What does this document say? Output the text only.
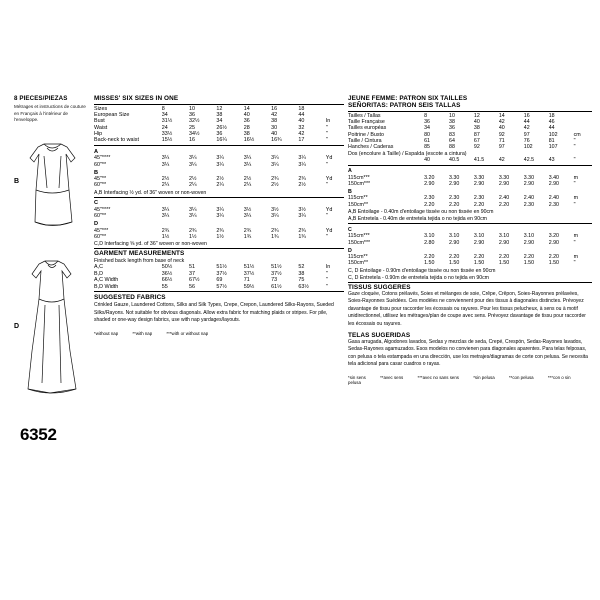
8 PIECES/PIEZAS
Métrages et instructions de couture en Français à l'intérieur de l'enveloppe.
B
D
6352
MISSES' SIX SIZES IN ONE
Sizes	8	10	12	14	16	18	
European Size	34	36	38	40	42	44	
Bust	31½	32½	34	36	38	40	In
Waist	24	25	26½	28	30	32	"
Hip	33½	34½	36	38	40	42	"
Back-neck to waist	15½	16	16¼	16½	16¾	17	"
A							
45"****	3¼	3¼	3¼	3¼	3¼	3¼	Yd
60"**	3¼	3¼	3¼	3¼	3¼	3¼	"
B							
45"**	2½	2½	2½	2½	2¾	2¾	Yd
60"**	2¼	2¼	2¼	2¼	2½	2½	"
A,B Interfacing ½ yd. of 36" woven or non-woven
C							
45"****	3¼	3¼	3¼	3½	3½	3½	Yd
60"**	3¼	3¼	3¼	3¼	3¼	3¼	"
D							
45"***	2¾	2¾	2¾	2¾	2¾	2¾	Yd
60"**	1½	1½	1½	1¾	1¾	1¾	"
C,D Interfacing ⅝ yd. of 36" woven or non-woven
GARMENT MEASUREMENTS
Finished back length from base of neck
A,C	50½	51	51½	51½	51½	52	In
B,D	36½	37	37½	37½	37½	38	"
A,C Width	66½	67½	69	71	73	75	"
B,D Width	55	56	57½	59½	61½	63½	"
SUGGESTED FABRICS
Crinkled Gauze, Laundered Cottons, Silks and Silk Types, Crepe, Crepon, Laundered Silks-Rayons, Sueded Silks/Rayons. Not suitable for obvious diagonals. Allow extra fabric for matching plaids or stripes. For pile, shaded or one-way design fabrics, use with nap yardages/layouts.
*without nap	**with nap	***with or without nap
JEUNE FEMME: PATRON SIX TAILLES
SEÑORITAS: PATRON SEIS TALLAS
Tailles / Tallas	8	10	12	14	16	18	
Taille Française	36	38	40	42	44	46	
Tailles européas	34	36	38	40	42	44	
Poitrine / Busto	80	83	87	92	97	102	cm
Taille / Cintura	61	64	67	71	76	81	"
Hanches / Caderas	85	88	92	97	102	107	"
Dos (encolure à Taille) / Espalda (escote a cintura)							
	40	40.5	41.5	42	42.5	43	"
A							
115cm***	3.20	3.30	3.30	3.30	3.30	3.40	m
150cm***	2.90	2.90	2.90	2.90	2.90	2.90	"
B							
115cm**	2.30	2.30	2.30	2.40	2.40	2.40	m
150cm**	2.20	2.20	2.20	2.20	2.30	2.30	"
A,B Entoilage - 0.40m d'entoilage tissée ou non tissée en 90cm
A,B Entretela - 0.40m de entretela tejida o no tejida en 90cm
C							
115cm***	3.10	3.10	3.10	3.10	3.10	3.20	m
150cm***	2.80	2.90	2.90	2.90	2.90	2.90	"
D							
115cm**	2.20	2.20	2.20	2.20	2.20	2.20	m
150cm**	1.50	1.50	1.50	1.50	1.50	1.50	"
C, D Entoilage - 0.90m d'entoilage tissée ou non tissée en 90cm
C, D Entretela - 0.90m de entretela tejida o no tejida en 90cm
TISSUS SUGGERES
Gaze cloquée, Cotons prélavés, Soies et mélanges de soie, Crêpe, Crêpon, Soies-Rayonnes prélavées, Soies-Rayonnes Suédées. Ces modèles ne conviennent pour des tissus à diagonales distinctes. Prévoyez davantage de tissu pour raccorder les écossais ou rayures. Pour les tissus pelucheux, à sens ou à motif unidirectionnel, utilisez les métrages/plan de coupe avec sens. Prévoyez davantage de tissu pour raccorder les écossais ou rayures.
TELAS SUGERIDAS
Gasa arrugada, Algodones lavados, Sedas y mezclas de seda, Crepé, Crespón, Sedas-Rayones lavados, Sedas-Rayones agamuzados. Esos modelos no convienen para diagonales aparentes. Para telas felposas, con pelusa o tela estampada en una dirección, use los metrajes/diagramas de corte con pelusa. Se necesita tela adicional para casar cuadros o rayas.
*sin sens	**avec sens	***avec no sans sens	*sin pelusa	**con pelusa	***con o sin pelusa
